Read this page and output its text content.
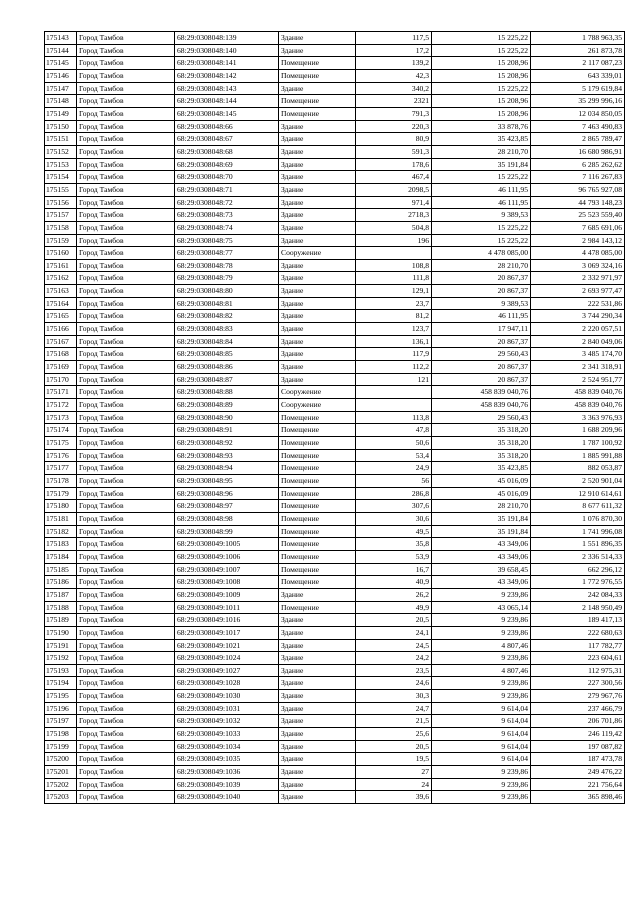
175143	Город Тамбов	68:29:0308048:139	Здание	117,5	15 225,22	1 788 963,35
175144	Город Тамбов	68:29:0308048:140	Здание	17,2	15 225,22	261 873,78
175145	Город Тамбов	68:29:0308048:141	Помещение	139,2	15 208,96	2 117 087,23
175146	Город Тамбов	68:29:0308048:142	Помещение	42,3	15 208,96	643 339,01
175147	Город Тамбов	68:29:0308048:143	Здание	340,2	15 225,22	5 179 619,84
175148	Город Тамбов	68:29:0308048:144	Помещение	2321	15 208,96	35 299 996,16
175149	Город Тамбов	68:29:0308048:145	Помещение	791,3	15 208,96	12 034 850,05
175150	Город Тамбов	68:29:0308048:66	Здание	220,3	33 878,76	7 463 490,83
175151	Город Тамбов	68:29:0308048:67	Здание	80,9	35 423,85	2 865 789,47
175152	Город Тамбов	68:29:0308048:68	Здание	591,3	28 210,70	16 680 986,91
175153	Город Тамбов	68:29:0308048:69	Здание	178,6	35 191,84	6 285 262,62
175154	Город Тамбов	68:29:0308048:70	Здание	467,4	15 225,22	7 116 267,83
175155	Город Тамбов	68:29:0308048:71	Здание	2098,5	46 111,95	96 765 927,08
175156	Город Тамбов	68:29:0308048:72	Здание	971,4	46 111,95	44 793 148,23
175157	Город Тамбов	68:29:0308048:73	Здание	2718,3	9 389,53	25 523 559,40
175158	Город Тамбов	68:29:0308048:74	Здание	504,8	15 225,22	7 685 691,06
175159	Город Тамбов	68:29:0308048:75	Здание	196	15 225,22	2 984 143,12
175160	Город Тамбов	68:29:0308048:77	Сооружение		4 478 085,00	4 478 085,00
175161	Город Тамбов	68:29:0308048:78	Здание	108,8	28 210,70	3 069 324,16
175162	Город Тамбов	68:29:0308048:79	Здание	111,8	20 867,37	2 332 971,97
175163	Город Тамбов	68:29:0308048:80	Здание	129,1	20 867,37	2 693 977,47
175164	Город Тамбов	68:29:0308048:81	Здание	23,7	9 389,53	222 531,86
175165	Город Тамбов	68:29:0308048:82	Здание	81,2	46 111,95	3 744 290,34
175166	Город Тамбов	68:29:0308048:83	Здание	123,7	17 947,11	2 220 057,51
175167	Город Тамбов	68:29:0308048:84	Здание	136,1	20 867,37	2 840 049,06
175168	Город Тамбов	68:29:0308048:85	Здание	117,9	29 560,43	3 485 174,70
175169	Город Тамбов	68:29:0308048:86	Здание	112,2	20 867,37	2 341 318,91
175170	Город Тамбов	68:29:0308048:87	Здание	121	20 867,37	2 524 951,77
175171	Город Тамбов	68:29:0308048:88	Сооружение		458 839 040,76	458 839 040,76
175172	Город Тамбов	68:29:0308048:89	Сооружение		458 839 040,76	458 839 040,76
175173	Город Тамбов	68:29:0308048:90	Помещение	113,8	29 560,43	3 363 976,93
175174	Город Тамбов	68:29:0308048:91	Помещение	47,8	35 318,20	1 688 209,96
175175	Город Тамбов	68:29:0308048:92	Помещение	50,6	35 318,20	1 787 100,92
175176	Город Тамбов	68:29:0308048:93	Помещение	53,4	35 318,20	1 885 991,88
175177	Город Тамбов	68:29:0308048:94	Помещение	24,9	35 423,85	882 053,87
175178	Город Тамбов	68:29:0308048:95	Помещение	56	45 016,09	2 520 901,04
175179	Город Тамбов	68:29:0308048:96	Помещение	286,8	45 016,09	12 910 614,61
175180	Город Тамбов	68:29:0308048:97	Помещение	307,6	28 210,70	8 677 611,32
175181	Город Тамбов	68:29:0308048:98	Помещение	30,6	35 191,84	1 076 870,30
175182	Город Тамбов	68:29:0308048:99	Помещение	49,5	35 191,84	1 741 996,08
175183	Город Тамбов	68:29:0308049:1005	Помещение	35,8	43 349,06	1 551 896,35
175184	Город Тамбов	68:29:0308049:1006	Помещение	53,9	43 349,06	2 336 514,33
175185	Город Тамбов	68:29:0308049:1007	Помещение	16,7	39 658,45	662 296,12
175186	Город Тамбов	68:29:0308049:1008	Помещение	40,9	43 349,06	1 772 976,55
175187	Город Тамбов	68:29:0308049:1009	Здание	26,2	9 239,86	242 084,33
175188	Город Тамбов	68:29:0308049:1011	Помещение	49,9	43 065,14	2 148 950,49
175189	Город Тамбов	68:29:0308049:1016	Здание	20,5	9 239,86	189 417,13
175190	Город Тамбов	68:29:0308049:1017	Здание	24,1	9 239,86	222 680,63
175191	Город Тамбов	68:29:0308049:1021	Здание	24,5	4 807,46	117 782,77
175192	Город Тамбов	68:29:0308049:1024	Здание	24,2	9 239,86	223 604,61
175193	Город Тамбов	68:29:0308049:1027	Здание	23,5	4 807,46	112 975,31
175194	Город Тамбов	68:29:0308049:1028	Здание	24,6	9 239,86	227 300,56
175195	Город Тамбов	68:29:0308049:1030	Здание	30,3	9 239,86	279 967,76
175196	Город Тамбов	68:29:0308049:1031	Здание	24,7	9 614,04	237 466,79
175197	Город Тамбов	68:29:0308049:1032	Здание	21,5	9 614,04	206 701,86
175198	Город Тамбов	68:29:0308049:1033	Здание	25,6	9 614,04	246 119,42
175199	Город Тамбов	68:29:0308049:1034	Здание	20,5	9 614,04	197 087,82
175200	Город Тамбов	68:29:0308049:1035	Здание	19,5	9 614,04	187 473,78
175201	Город Тамбов	68:29:0308049:1036	Здание	27	9 239,86	249 476,22
175202	Город Тамбов	68:29:0308049:1039	Здание	24	9 239,86	221 756,64
175203	Город Тамбов	68:29:0308049:1040	Здание	39,6	9 239,86	365 898,46
